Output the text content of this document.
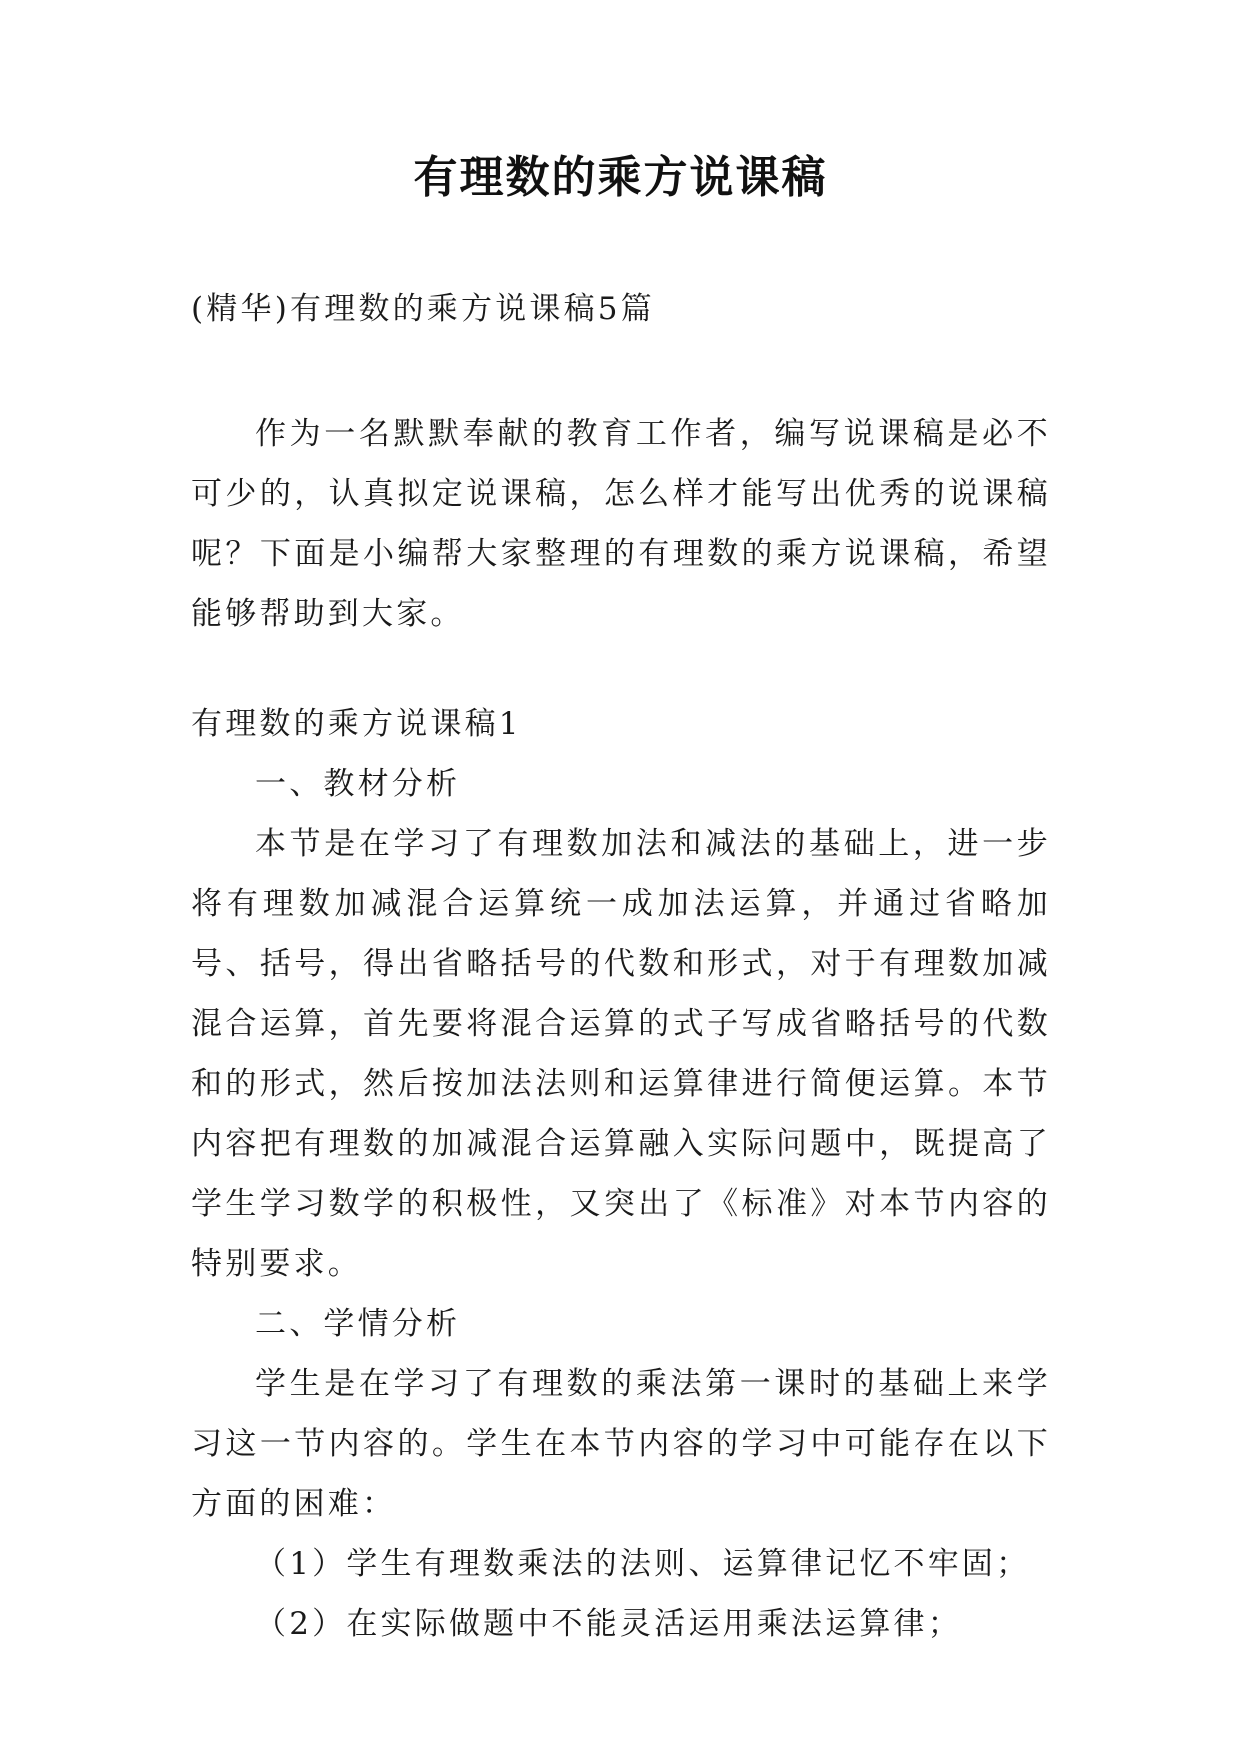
有理数的乘方说课稿
(精华)有理数的乘方说课稿5篇
作为一名默默奉献的教育工作者，编写说课稿是必不可少的，认真拟定说课稿，怎么样才能写出优秀的说课稿呢？下面是小编帮大家整理的有理数的乘方说课稿，希望能够帮助到大家。

有理数的乘方说课稿1

一、教材分析

本节是在学习了有理数加法和减法的基础上，进一步将有理数加减混合运算统一成加法运算，并通过省略加号、括号，得出省略括号的代数和形式，对于有理数加减混合运算，首先要将混合运算的式子写成省略括号的代数和的形式，然后按加法法则和运算律进行简便运算。本节内容把有理数的加减混合运算融入实际问题中，既提高了学生学习数学的积极性，又突出了《标准》对本节内容的特别要求。

二、学情分析

学生是在学习了有理数的乘法第一课时的基础上来学习这一节内容的。学生在本节内容的学习中可能存在以下方面的困难：

（1）学生有理数乘法的法则、运算律记忆不牢固；

（2）在实际做题中不能灵活运用乘法运算律；
